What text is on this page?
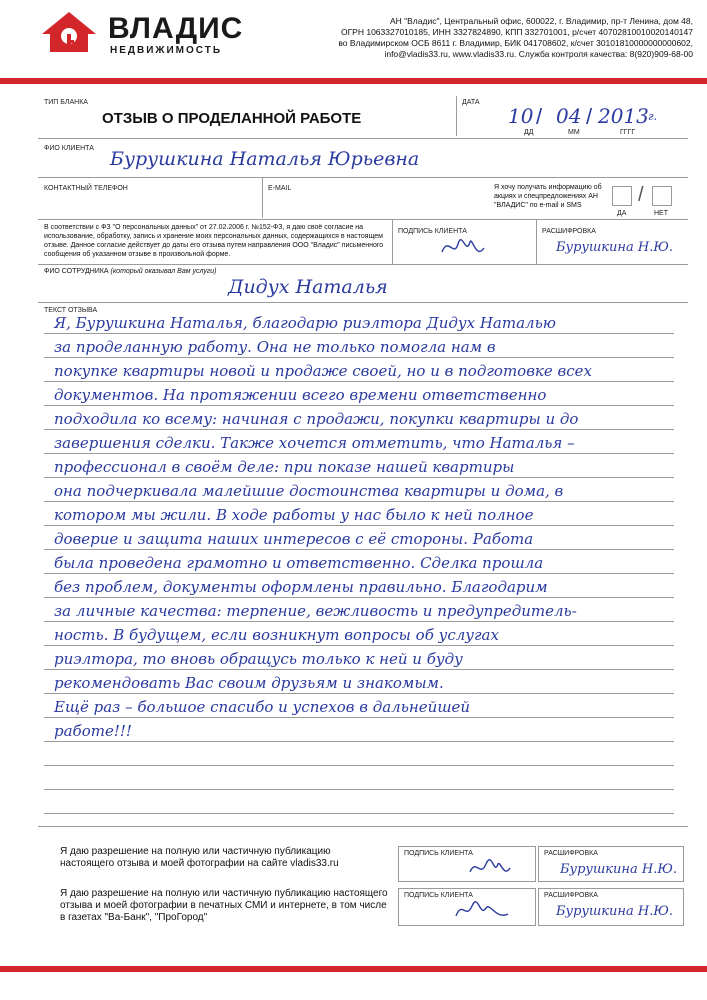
ВЛАДИС
НЕДВИЖИМОСТЬ
АН "Владис", Центральный офис, 600022, г. Владимир, пр-т Ленина, дом 48,
ОГРН 1063327010185, ИНН 3327824890, КПП 332701001, р/счет 40702810010020140147
во Владимирском ОСБ 8611 г. Владимир, БИК 041708602, к/счет 30101810000000000602,
info@vladis33.ru, www.vladis33.ru. Служба контроля качества: 8(920)909-68-00
ТИП БЛАНКА
ОТЗЫВ О ПРОДЕЛАННОЙ РАБОТЕ
ДАТА
10 / 04 / 2013 г.
ДД	ММ	ГГГГ
ФИО КЛИЕНТА Бурушкина Наталья Юрьевна
КОНТАКТНЫЙ ТЕЛЕФОН	E-MAIL	Я хочу получать информацию об акциях и спецпредложениях АН "ВЛАДИС" по e-mail и SMS	/
ДА	НЕТ
В соответствии с ФЗ "О персональных данных" от 27.02.2006 г. №152-ФЗ, я даю своё согласие на использование, обработку, запись и хранение моих персональных данных, содержащихся в настоящем отзыве. Данное согласие действует до даты его отзыва путем направления ООО "Владис" письменного сообщения об указанном отзыве в произвольной форме.
ПОДПИСЬ КЛИЕНТА	РАСШИФРОВКА
Бурушкина Н.Ю.
ФИО СОТРУДНИКА (который оказывал Вам услуги)
Дидух Наталья
ТЕКСТ ОТЗЫВА
Я, Бурушкина Наталья, благодарю риэлтора Дидух Наталью
за проделанную работу. Она не только помогла нам в
покупке квартиры новой и продаже своей, но и в подготовке всех
документов. На протяжении всего времени ответственно
подходила ко всему: начиная с продажи, покупки квартиры и до
завершения сделки. Также хочется отметить, что Наталья –
профессионал в своём деле: при показе нашей квартиры
она подчеркивала малейшие достоинства квартиры и дома, в
котором мы жили. В ходе работы у нас было к ней полное
доверие и защита наших интересов с её стороны. Работа
была проведена грамотно и ответственно. Сделка прошла
без проблем, документы оформлены правильно. Благодарим
за личные качества: терпение, вежливость и предупредитель-
ность. В будущем, если возникнут вопросы об услугах
риэлтора, то вновь обращусь только к ней и буду
рекомендовать Вас своим друзьям и знакомым.
Ещё раз – большое спасибо и успехов в дальнейшей
работе!!!
Я даю разрешение на полную или частичную публикацию настоящего отзыва и моей фотографии на сайте vladis33.ru
ПОДПИСЬ КЛИЕНТА	РАСШИФРОВКА
Бурушкина Н.Ю.
Я даю разрешение на полную или частичную публикацию настоящего отзыва и моей фотографии в печатных СМИ и интернете, в том числе в газетах "Ва-Банк", "ПроГород"
ПОДПИСЬ КЛИЕНТА	РАСШИФРОВКА
Бурушкина Н.Ю.
